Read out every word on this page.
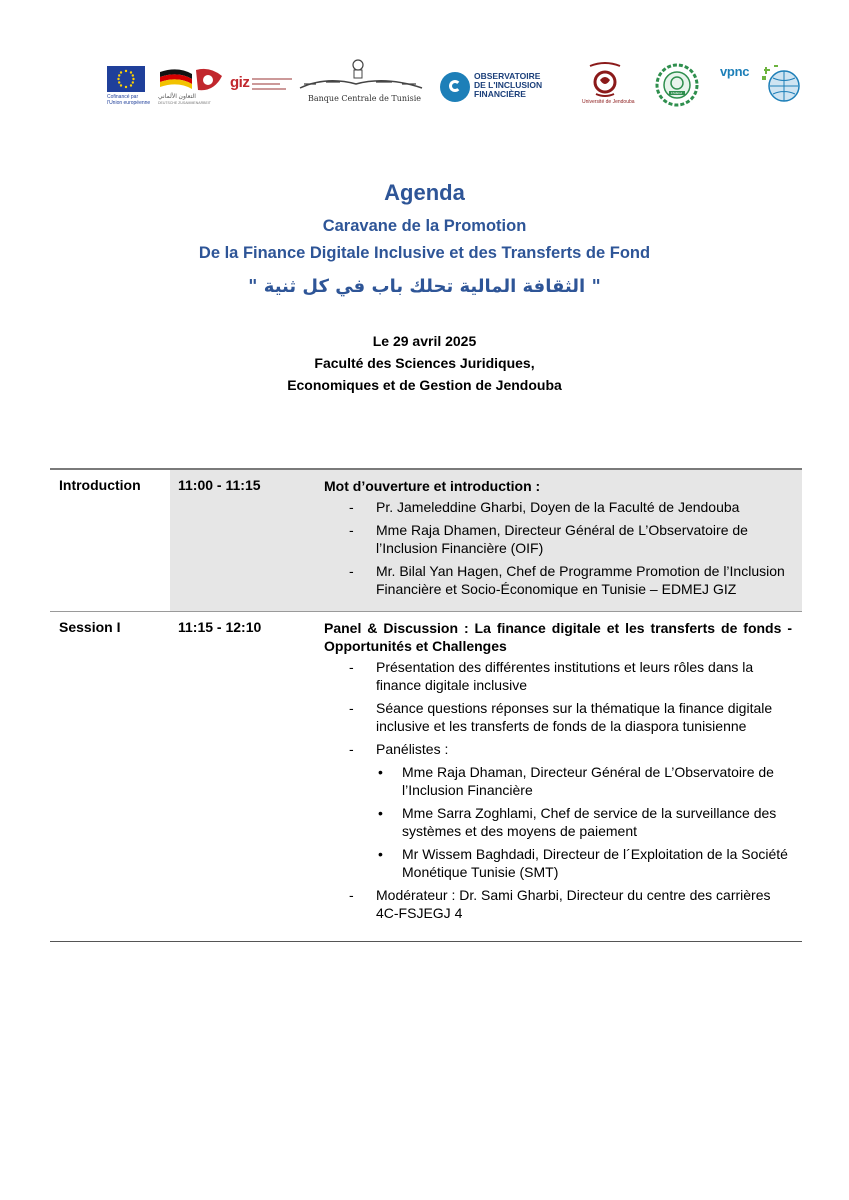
Cofinancé par l'Union européenne
التعاون الألماني
DEUTSCHE ZUSAMMENARBEIT
giz
Banque Centrale de Tunisie
OBSERVATOIRE
DE L'INCLUSION
FINANCIÈRE

Université de Jendouba
FSJEGJ
vpnc

Agenda
Caravane de la Promotion
De la Finance Digitale Inclusive et des Transferts de Fond
" الثقافة المالية تحلك باب في كل ثنية "
Le 29 avril 2025
Faculté des Sciences Juridiques,
Economiques et de Gestion de Jendouba
Introduction	11:00 - 11:15	Mot d’ouverture et introduction :
- Pr. Jameleddine Gharbi, Doyen de la Faculté de Jendouba
- Mme Raja Dhamen, Directeur Général de L’Observatoire de l’Inclusion Financière (OIF)
- Mr. Bilal Yan Hagen, Chef de Programme Promotion de l’Inclusion Financière et Socio-Économique en Tunisie – EDMEJ GIZ
Session I	11:15 - 12:10	Panel & Discussion : La finance digitale et les transferts de fonds - Opportunités et Challenges
- Présentation des différentes institutions et leurs rôles dans la finance digitale inclusive
- Séance questions réponses sur la thématique la finance digitale inclusive et les transferts de fonds de la diaspora tunisienne
- Panélistes :
• Mme Raja Dhaman, Directeur Général de L’Observatoire de l’Inclusion Financière
• Mme Sarra Zoghlami, Chef de service de la surveillance des systèmes et des moyens de paiement
• Mr Wissem Baghdadi, Directeur de l´Exploitation de la Société Monétique Tunisie (SMT)
- Modérateur : Dr. Sami Gharbi, Directeur du centre des carrières 4C-FSJEGJ 4
